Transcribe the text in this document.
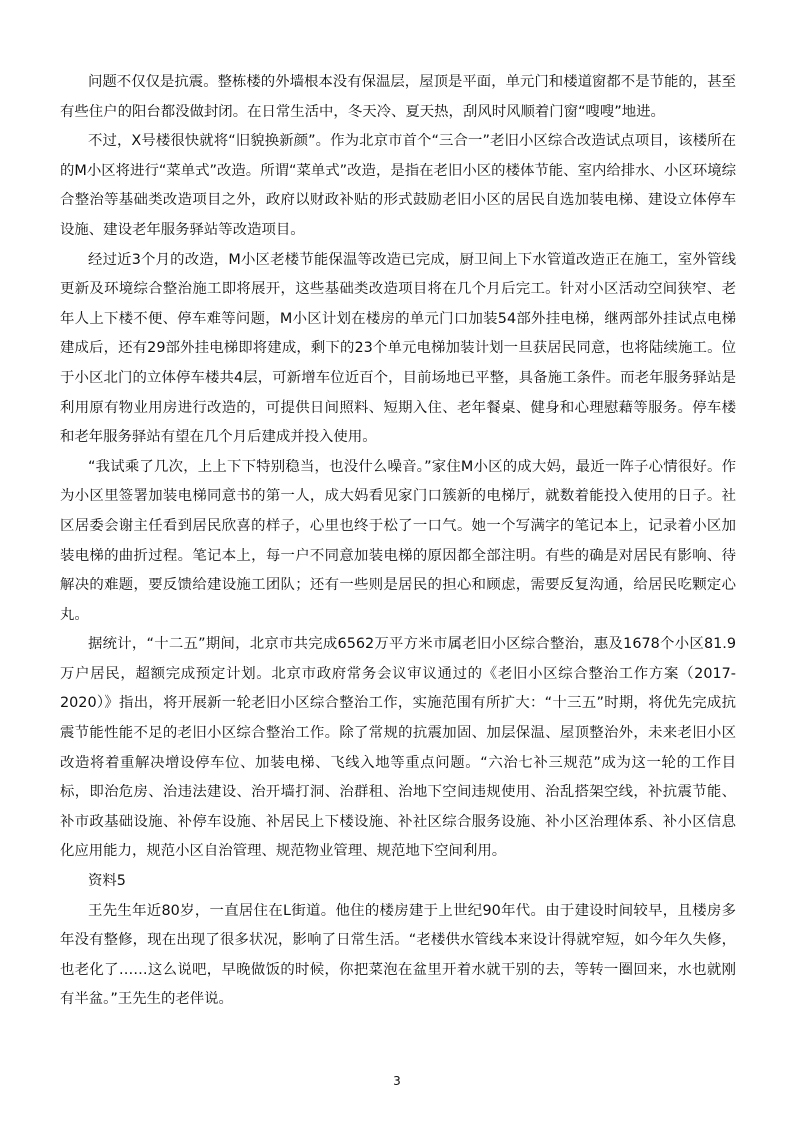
问题不仅仅是抗震。整栋楼的外墙根本没有保温层，屋顶是平面，单元门和楼道窗都不是节能的，甚至有些住户的阳台都没做封闭。在日常生活中，冬天冷、夏天热，刮风时风顺着门窗“嗖嗖”地进。

不过，X号楼很快就将“旧貌换新颜”。作为北京市首个“三合一”老旧小区综合改造试点项目，该楼所在的M小区将进行“菜单式”改造。所谓“菜单式”改造，是指在老旧小区的楼体节能、室内给排水、小区环境综合整治等基础类改造项目之外，政府以财政补贴的形式鼓励老旧小区的居民自选加装电梯、建设立体停车设施、建设老年服务驿站等改造项目。

经过近3个月的改造，M小区老楼节能保温等改造已完成，厨卫间上下水管道改造正在施工，室外管线更新及环境综合整治施工即将展开，这些基础类改造项目将在几个月后完工。针对小区活动空间狭窄、老年人上下楼不便、停车难等问题，M小区计划在楼房的单元门口加装54部外挂电梯，继两部外挂试点电梯建成后，还有29部外挂电梯即将建成，剩下的23个单元电梯加装计划一旦获居民同意，也将陆续施工。位于小区北门的立体停车楼共4层，可新增车位近百个，目前场地已平整，具备施工条件。而老年服务驿站是利用原有物业用房进行改造的，可提供日间照料、短期入住、老年餐桌、健身和心理慰藉等服务。停车楼和老年服务驿站有望在几个月后建成并投入使用。

“我试乘了几次，上上下下特别稳当，也没什么噪音。”家住M小区的成大妈，最近一阵子心情很好。作为小区里签署加装电梯同意书的第一人，成大妈看见家门口簇新的电梯厅，就数着能投入使用的日子。社区居委会谢主任看到居民欣喜的样子，心里也终于松了一口气。她一个写满字的笔记本上，记录着小区加装电梯的曲折过程。笔记本上，每一户不同意加装电梯的原因都全部注明。有些的确是对居民有影响、待解决的难题，要反馈给建设施工团队；还有一些则是居民的担心和顾虑，需要反复沟通，给居民吃颗定心丸。

据统计，“十二五”期间，北京市共完成6562万平方米市属老旧小区综合整治，惠及1678个小区81.9万户居民，超额完成预定计划。北京市政府常务会议审议通过的《老旧小区综合整治工作方案（2017-2020）》指出，将开展新一轮老旧小区综合整治工作，实施范围有所扩大：“十三五”时期，将优先完成抗震节能性能不足的老旧小区综合整治工作。除了常规的抗震加固、加层保温、屋顶整治外，未来老旧小区改造将着重解决增设停车位、加装电梯、飞线入地等重点问题。“六治七补三规范”成为这一轮的工作目标，即治危房、治违法建设、治开墙打洞、治群租、治地下空间违规使用、治乱搭架空线，补抗震节能、补市政基础设施、补停车设施、补居民上下楼设施、补社区综合服务设施、补小区治理体系、补小区信息化应用能力，规范小区自治管理、规范物业管理、规范地下空间利用。

资料5

王先生年近80岁，一直居住在L街道。他住的楼房建于上世纪90年代。由于建设时间较早，且楼房多年没有整修，现在出现了很多状况，影响了日常生活。“老楼供水管线本来设计得就窄短，如今年久失修，也老化了……这么说吧，早晚做饭的时候，你把菜泡在盆里开着水就干别的去，等转一圈回来，水也就刚有半盆。”王先生的老伴说。

3
